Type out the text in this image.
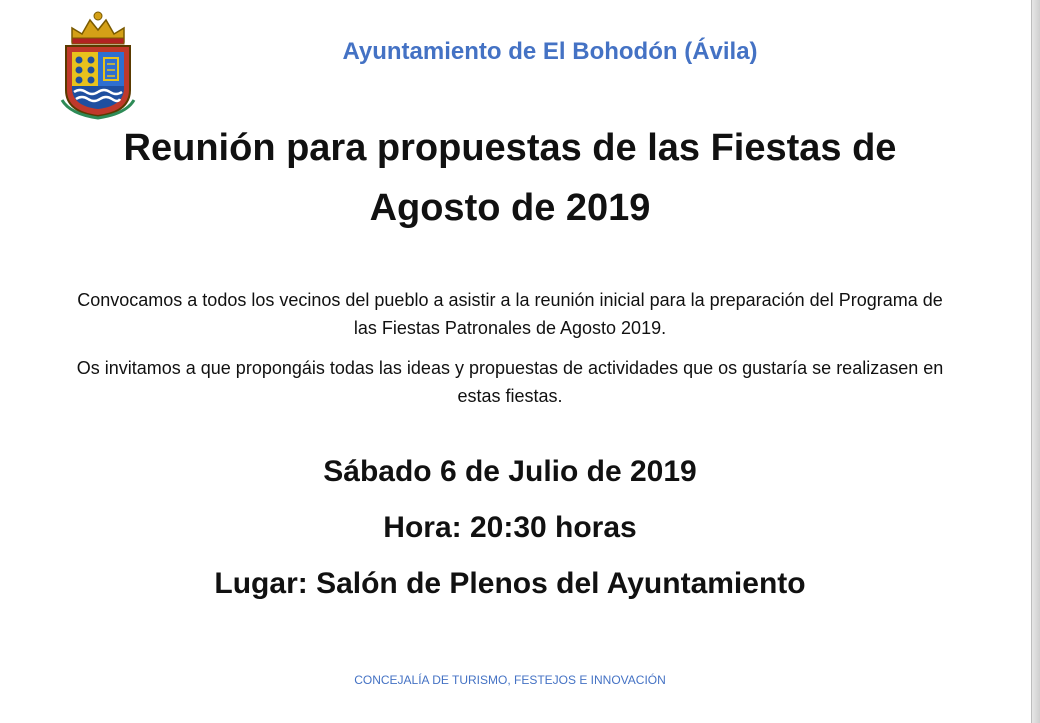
Ayuntamiento de El Bohodón (Ávila)
Reunión para propuestas de las Fiestas de Agosto de 2019

Convocamos a todos los vecinos del pueblo a asistir a la reunión inicial para la preparación del Programa de las Fiestas Patronales de Agosto 2019.

Os invitamos a que propongáis todas las ideas y propuestas de actividades que os gustaría se realizasen en estas fiestas.

Sábado 6 de Julio de 2019

Hora: 20:30 horas

Lugar: Salón de Plenos del Ayuntamiento

CONCEJALÍA DE TURISMO, FESTEJOS E INNOVACIÓN
